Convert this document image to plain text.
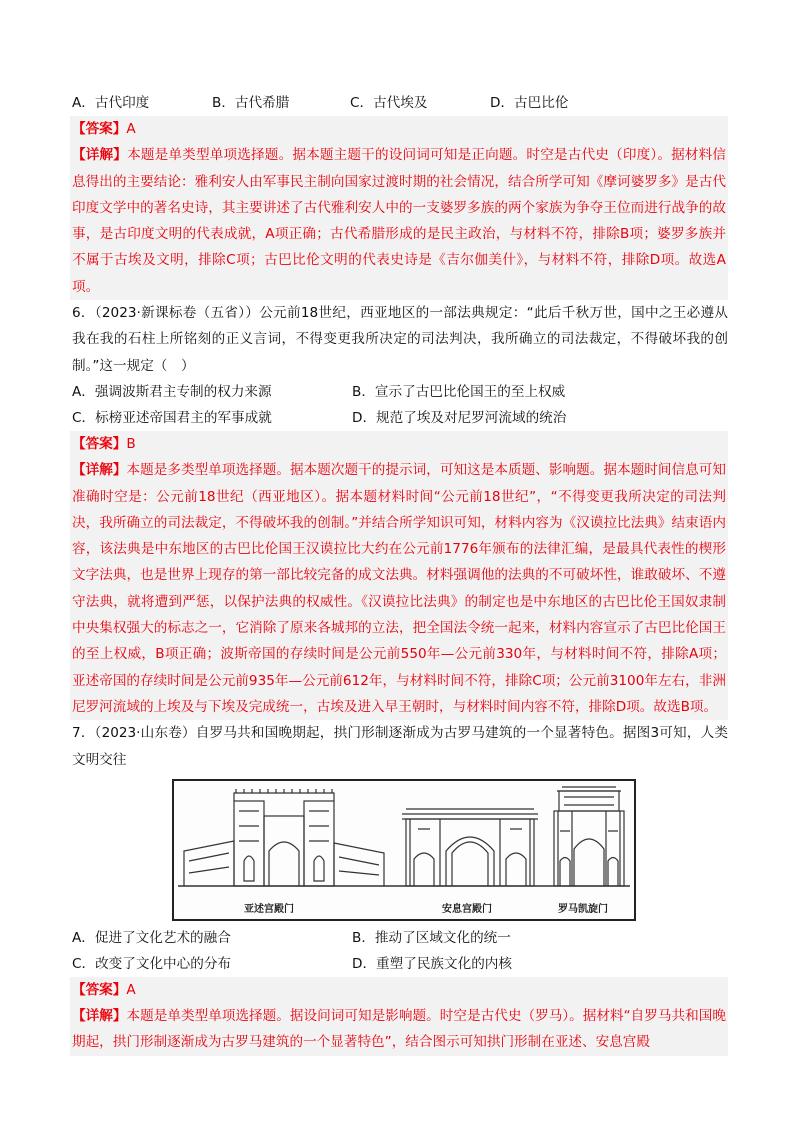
A．古代印度	B．古代希腊	C．古代埃及	D．古巴比伦
【答案】A
【详解】本题是单类型单项选择题。据本题主题干的设问词可知是正向题。时空是古代史（印度）。据材料信息得出的主要结论：雅利安人由军事民主制向国家过渡时期的社会情况，结合所学可知《摩诃婆罗多》是古代印度文学中的著名史诗，其主要讲述了古代雅利安人中的一支婆罗多族的两个家族为争夺王位而进行战争的故事，是古印度文明的代表成就，A项正确；古代希腊形成的是民主政治，与材料不符，排除B项；婆罗多族并不属于古埃及文明，排除C项；古巴比伦文明的代表史诗是《吉尔伽美什》，与材料不符，排除D项。故选A项。
6．（2023·新课标卷（五省））公元前18世纪，西亚地区的一部法典规定：“此后千秋万世，国中之王必遵从我在我的石柱上所铭刻的正义言词，不得变更我所决定的司法判决，我所确立的司法裁定，不得破坏我的创制。”这一规定（　）
A．强调波斯君主专制的权力来源	B．宣示了古巴比伦国王的至上权威
C．标榜亚述帝国君主的军事成就	D．规范了埃及对尼罗河流域的统治
【答案】B
【详解】本题是多类型单项选择题。据本题次题干的提示词，可知这是本质题、影响题。据本题时间信息可知准确时空是：公元前18世纪（西亚地区）。据本题材料时间“公元前18世纪”，“不得变更我所决定的司法判决，我所确立的司法裁定，不得破坏我的创制。”并结合所学知识可知，材料内容为《汉谟拉比法典》结束语内容，该法典是中东地区的古巴比伦国王汉谟拉比大约在公元前1776年颁布的法律汇编，是最具代表性的楔形文字法典，也是世界上现存的第一部比较完备的成文法典。材料强调他的法典的不可破坏性，谁敢破坏、不遵守法典，就将遭到严惩，以保护法典的权威性。《汉谟拉比法典》的制定也是中东地区的古巴比伦王国奴隶制中央集权强大的标志之一，它消除了原来各城邦的立法，把全国法令统一起来，材料内容宣示了古巴比伦国王的至上权威，B项正确；波斯帝国的存续时间是公元前550年—公元前330年，与材料时间不符，排除A项；亚述帝国的存续时间是公元前935年—公元前612年，与材料时间不符，排除C项；公元前3100年左右，非洲尼罗河流域的上埃及与下埃及完成统一，古埃及进入早王朝时，与材料时间内容不符，排除D项。故选B项。
7．（2023·山东卷）自罗马共和国晚期起，拱门形制逐渐成为古罗马建筑的一个显著特色。据图3可知，人类文明交往
亚述宫殿门	安息宫殿门	罗马凯旋门
A．促进了文化艺术的融合	B．推动了区域文化的统一
C．改变了文化中心的分布	D．重塑了民族文化的内核
【答案】A
【详解】本题是单类型单项选择题。据设问词可知是影响题。时空是古代史（罗马）。据材料“自罗马共和国晚期起，拱门形制逐渐成为古罗马建筑的一个显著特色”，结合图示可知拱门形制在亚述、安息宫殿
